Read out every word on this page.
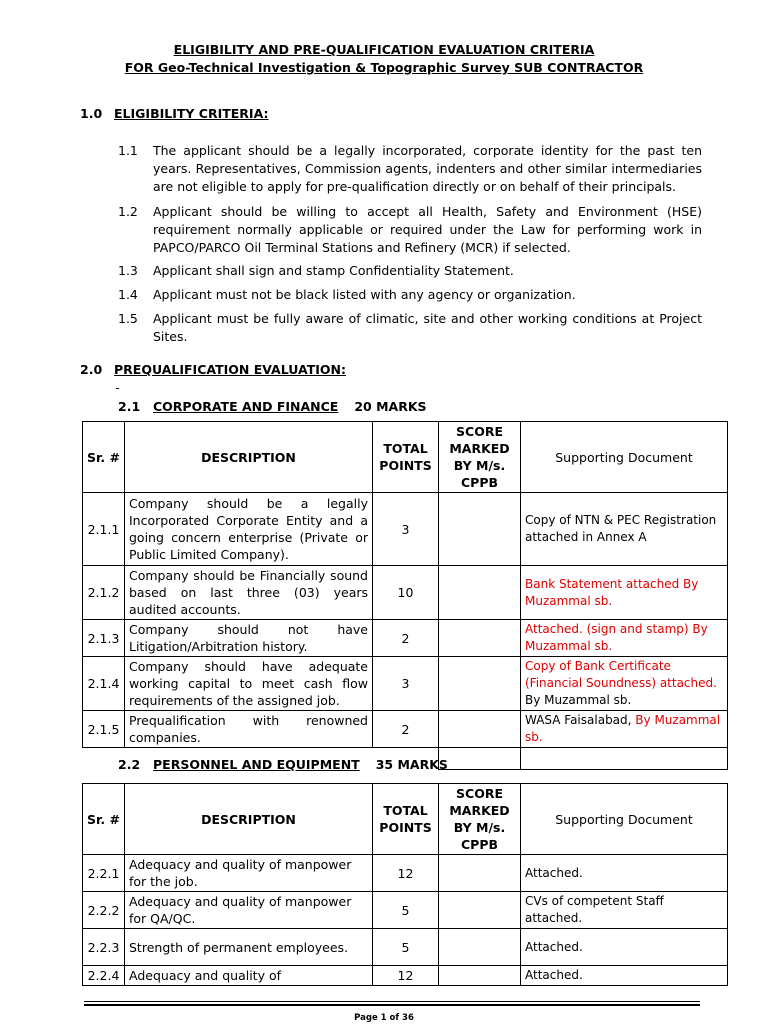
ELIGIBILITY AND PRE-QUALIFICATION EVALUATION CRITERIA
FOR Geo-Technical Investigation & Topographic Survey SUB CONTRACTOR
1.0 ELIGIBILITY CRITERIA:
1.1 The applicant should be a legally incorporated, corporate identity for the past ten years. Representatives, Commission agents, indenters and other similar intermediaries are not eligible to apply for pre-qualification directly or on behalf of their principals.
1.2 Applicant should be willing to accept all Health, Safety and Environment (HSE) requirement normally applicable or required under the Law for performing work in PAPCO/PARCO Oil Terminal Stations and Refinery (MCR) if selected.
1.3 Applicant shall sign and stamp Confidentiality Statement.
1.4 Applicant must not be black listed with any agency or organization.
1.5 Applicant must be fully aware of climatic, site and other working conditions at Project Sites.
2.0 PREQUALIFICATION EVALUATION:
2.1 CORPORATE AND FINANCE 20 MARKS
Sr. #	DESCRIPTION	TOTAL POINTS	SCORE MARKED BY M/s. CPPB	Supporting Document
2.1.1	Company should be a legally Incorporated Corporate Entity and a going concern enterprise (Private or Public Limited Company).	3		Copy of NTN & PEC Registration attached in Annex A
2.1.2	Company should be Financially sound based on last three (03) years audited accounts.	10		Bank Statement attached By Muzammal sb.
2.1.3	Company should not have Litigation/Arbitration history.	2		Attached. (sign and stamp) By Muzammal sb.
2.1.4	Company should have adequate working capital to meet cash flow requirements of the assigned job.	3		Copy of Bank Certificate (Financial Soundness) attached. By Muzammal sb.
2.1.5	Prequalification with renowned companies.	2		WASA Faisalabad, By Muzammal sb.

2.2 PERSONNEL AND EQUIPMENT 35 MARKS
Sr. #	DESCRIPTION	TOTAL POINTS	SCORE MARKED BY M/s. CPPB	Supporting Document
2.2.1	Adequacy and quality of manpower for the job.	12		Attached.
2.2.2	Adequacy and quality of manpower for QA/QC.	5		CVs of competent Staff attached.
2.2.3	Strength of permanent employees.	5		Attached.
2.2.4	Adequacy and quality of	12		Attached.
Page 1 of 36
